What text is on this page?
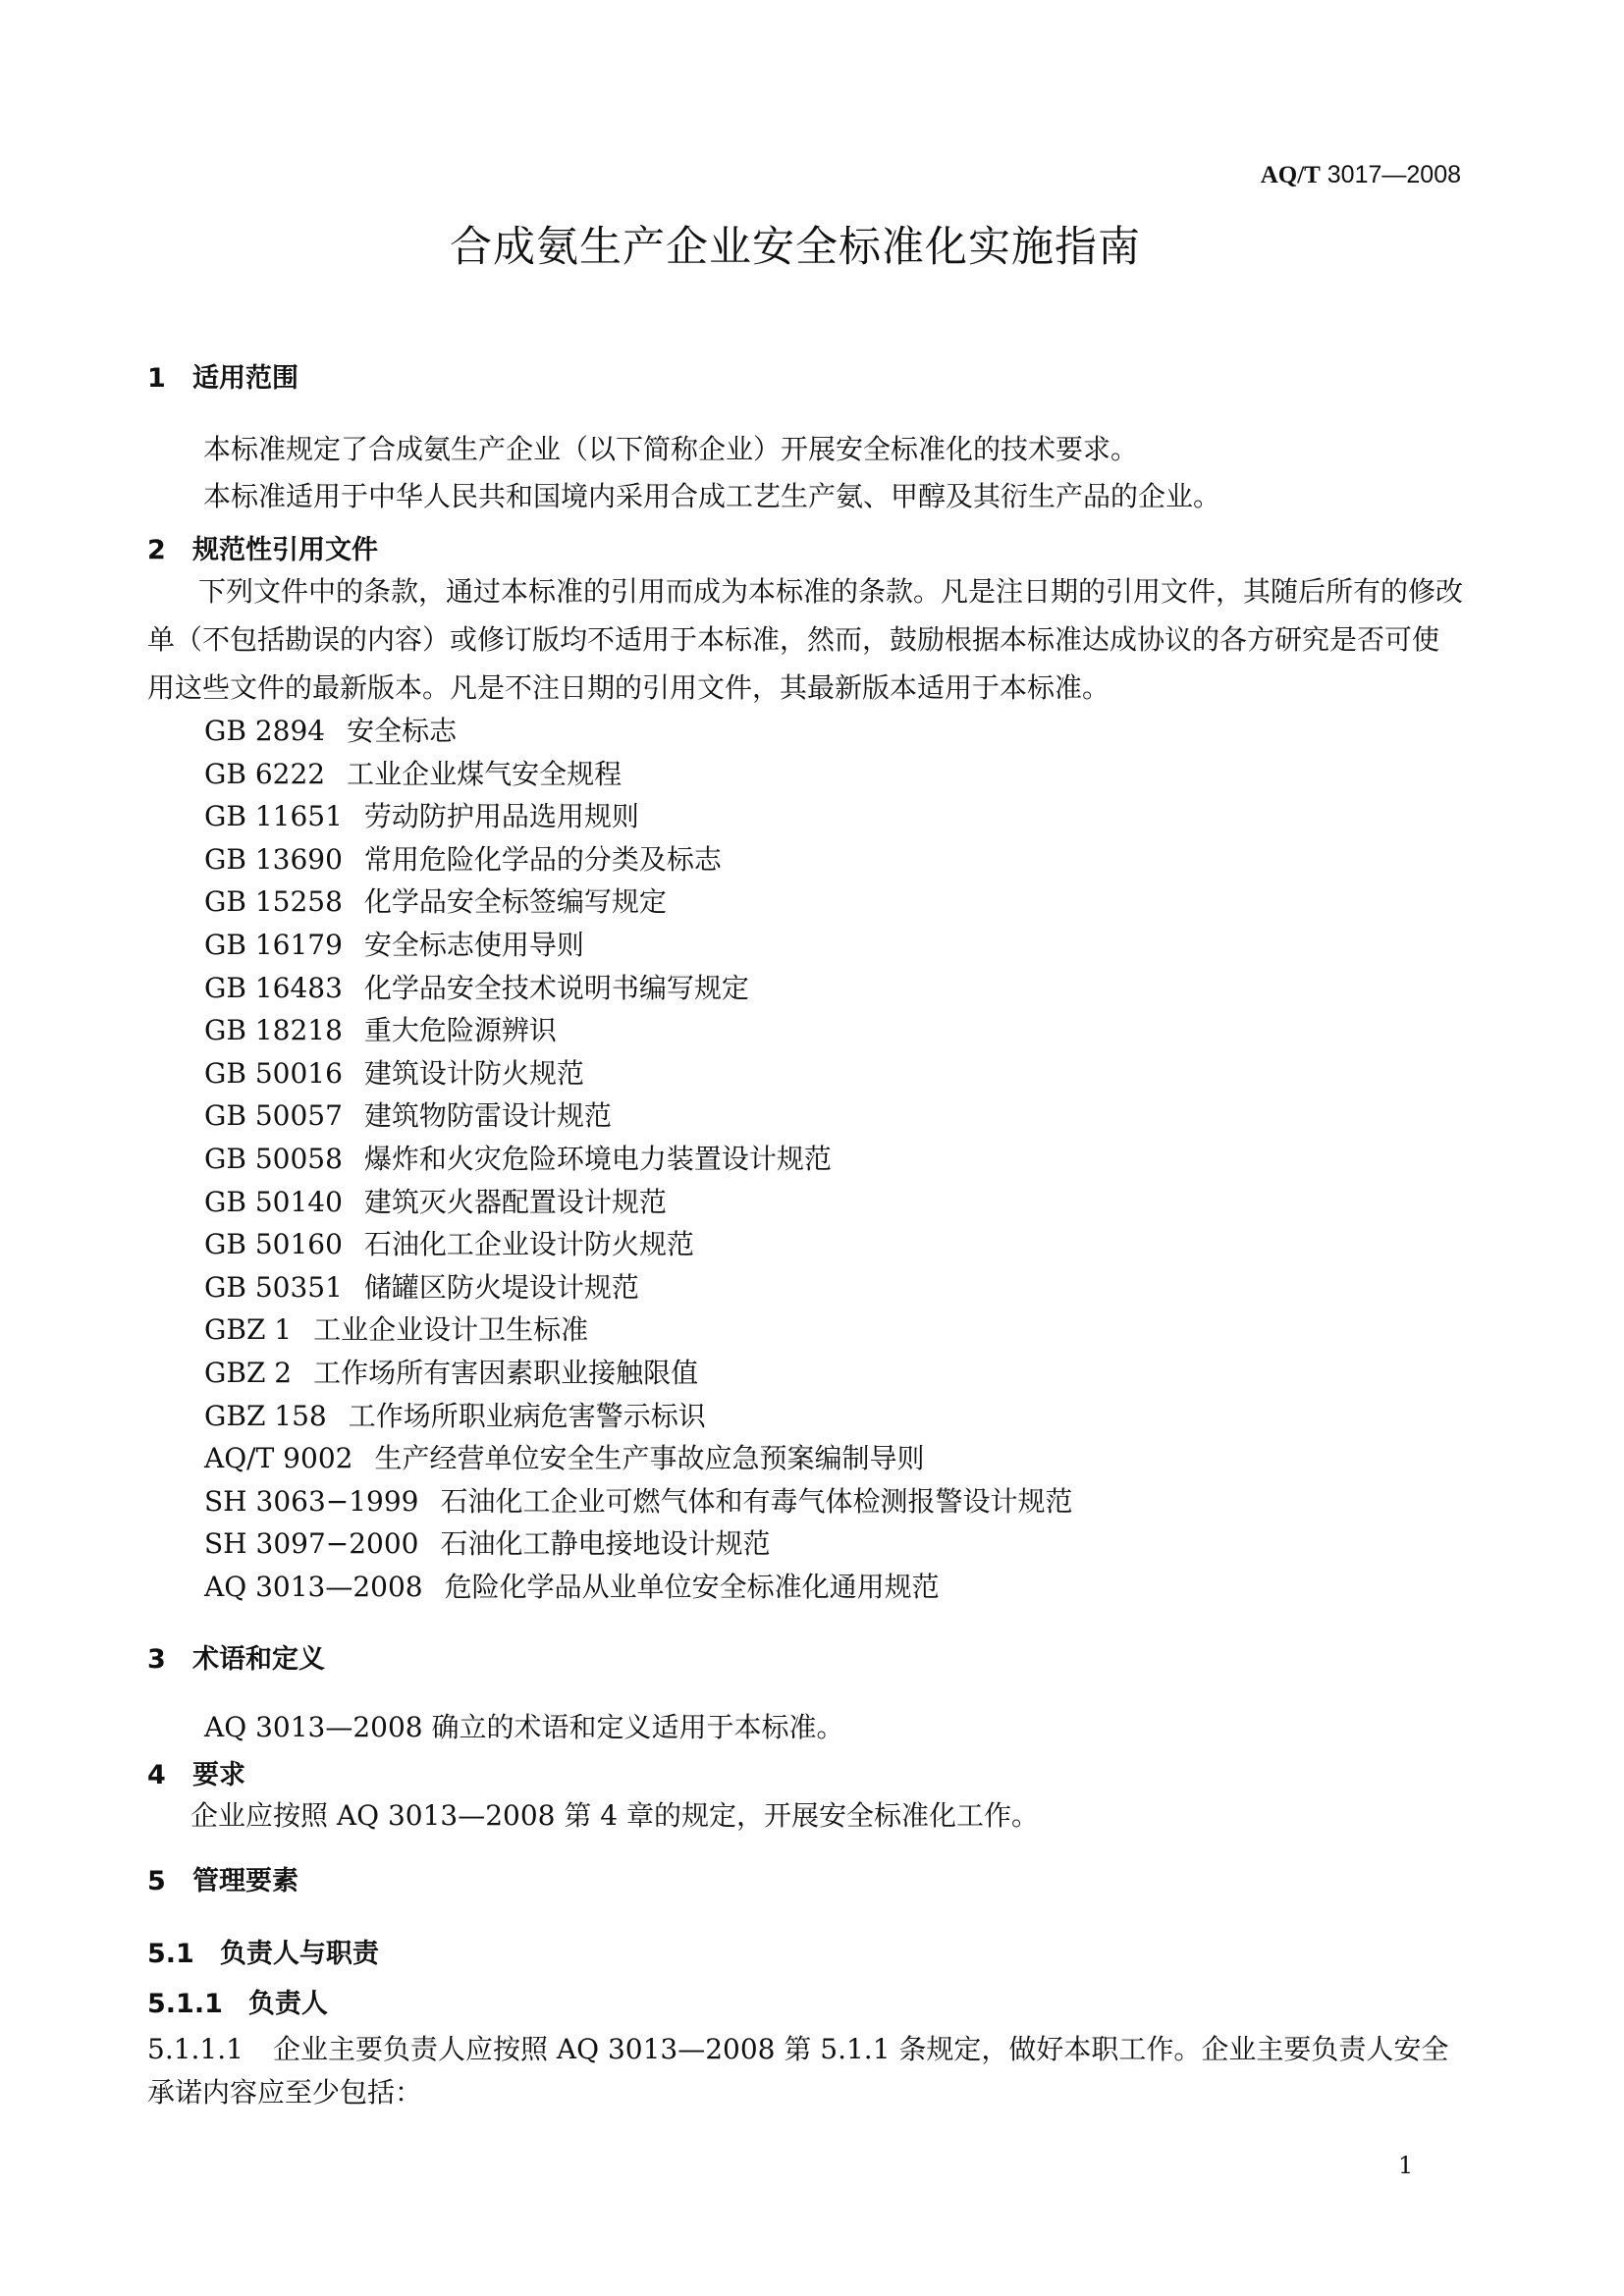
AQ/T 3017—2008
合成氨生产企业安全标准化实施指南
1 适用范围
本标准规定了合成氨生产企业（以下简称企业）开展安全标准化的技术要求。
本标准适用于中华人民共和国境内采用合成工艺生产氨、甲醇及其衍生产品的企业。
2 规范性引用文件
下列文件中的条款，通过本标准的引用而成为本标准的条款。凡是注日期的引用文件，其随后所有的修改单（不包括勘误的内容）或修订版均不适用于本标准，然而，鼓励根据本标准达成协议的各方研究是否可使用这些文件的最新版本。凡是不注日期的引用文件，其最新版本适用于本标准。
GB 2894 安全标志
GB 6222 工业企业煤气安全规程
GB 11651 劳动防护用品选用规则
GB 13690 常用危险化学品的分类及标志
GB 15258 化学品安全标签编写规定
GB 16179 安全标志使用导则
GB 16483 化学品安全技术说明书编写规定
GB 18218 重大危险源辨识
GB 50016 建筑设计防火规范
GB 50057 建筑物防雷设计规范
GB 50058 爆炸和火灾危险环境电力装置设计规范
GB 50140 建筑灭火器配置设计规范
GB 50160 石油化工企业设计防火规范
GB 50351 储罐区防火堤设计规范
GBZ 1 工业企业设计卫生标准
GBZ 2 工作场所有害因素职业接触限值
GBZ 158 工作场所职业病危害警示标识
AQ/T 9002 生产经营单位安全生产事故应急预案编制导则
SH 3063−1999 石油化工企业可燃气体和有毒气体检测报警设计规范
SH 3097−2000 石油化工静电接地设计规范
AQ 3013—2008 危险化学品从业单位安全标准化通用规范
3 术语和定义
AQ 3013—2008 确立的术语和定义适用于本标准。
4 要求
企业应按照 AQ 3013—2008 第 4 章的规定，开展安全标准化工作。
5 管理要素
5.1 负责人与职责
5.1.1 负责人
5.1.1.1 企业主要负责人应按照 AQ 3013—2008 第 5.1.1 条规定，做好本职工作。企业主要负责人安全承诺内容应至少包括：
1
